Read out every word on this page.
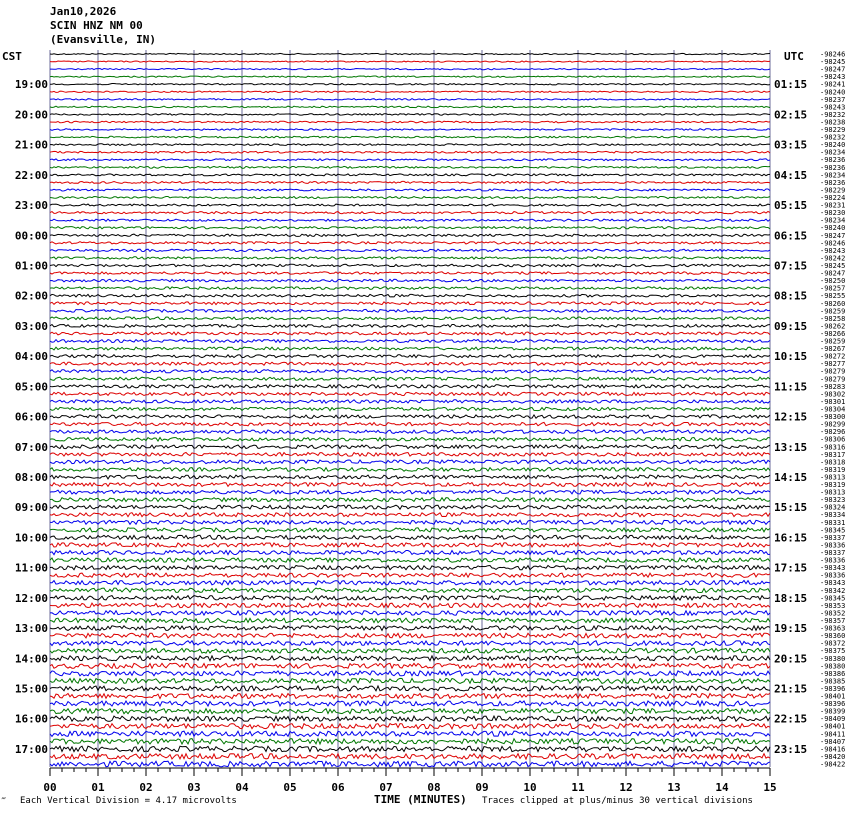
Jan10,2026
SCIN HNZ NM 00
(Evansville, IN)
CST	UTC -98246
-98245
-98247
-98243
-98241
-98240
-98237
-98243
-98232
-98238
-98229
-98232
-98240
-98234
-98236
-98236
-98234
-98236
-98229
-98224
-98231
-98230
-98234
-98240
-98247
-98246
-98243
-98242
-98245
-98247
-98250
-98257
-98255
-98260
-98259
-98258
-98262
-98266
-98259
-98267
-98272
-98277
-98279
-98279
-98283
-98302
-98301
-98304
-98300
-98299
-98296
-98306
-98316
-98317
-98318
-98319
-98313
-98319
-98313
-98323
-98324
-98334
-98331
-98345
-98337
-98336
-98337
-98336
-98343
-98336
-98343
-98342
-98345
-98353
-98352
-98357
-98363
-98360
-98372
-98375
-98380
-98380
-98386
-98385
-98396
-98401
-98396
-98399
-98409
-98401
-98411
-98407
-98416
-98420
-98422
19:00
20:00
21:00
22:00
23:00
00:00
01:00
02:00
03:00
04:00
05:00
06:00
07:00
08:00
09:00
10:00
11:00
12:00
13:00
14:00
15:00
16:00
17:00
01:15
02:15
03:15
04:15
05:15
06:15
07:15
08:15
09:15
10:15
11:15
12:15
13:15
14:15
15:15
16:15
17:15
18:15
19:15
20:15
21:15
22:15
23:15
00	01	02	03	04	05	06	07	08	09	10	11	12	13	14	15
TIME (MINUTES)
‴ Each Vertical Division = 4.17 microvolts	Traces clipped at plus/minus 30 vertical divisions
